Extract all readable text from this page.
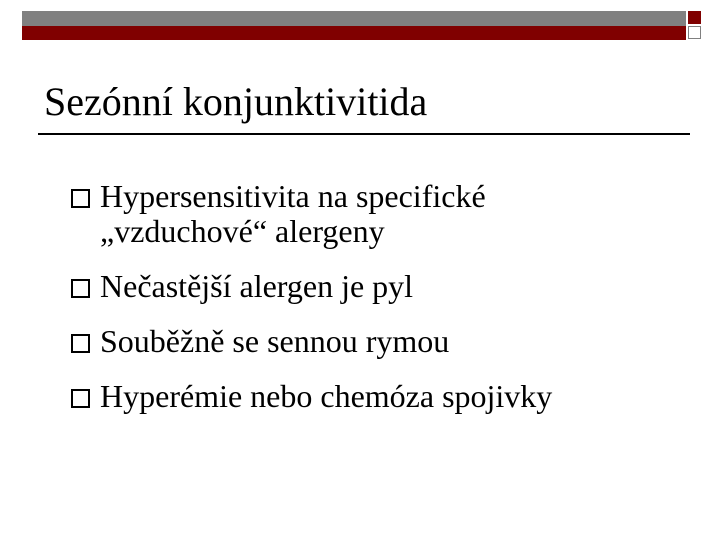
Sezónní konjunktivitida
Hypersensitivita na specifické
„vzduchové“ alergeny
Nečastější alergen je pyl
Souběžně se sennou rymou
Hyperémie nebo chemóza spojivky
